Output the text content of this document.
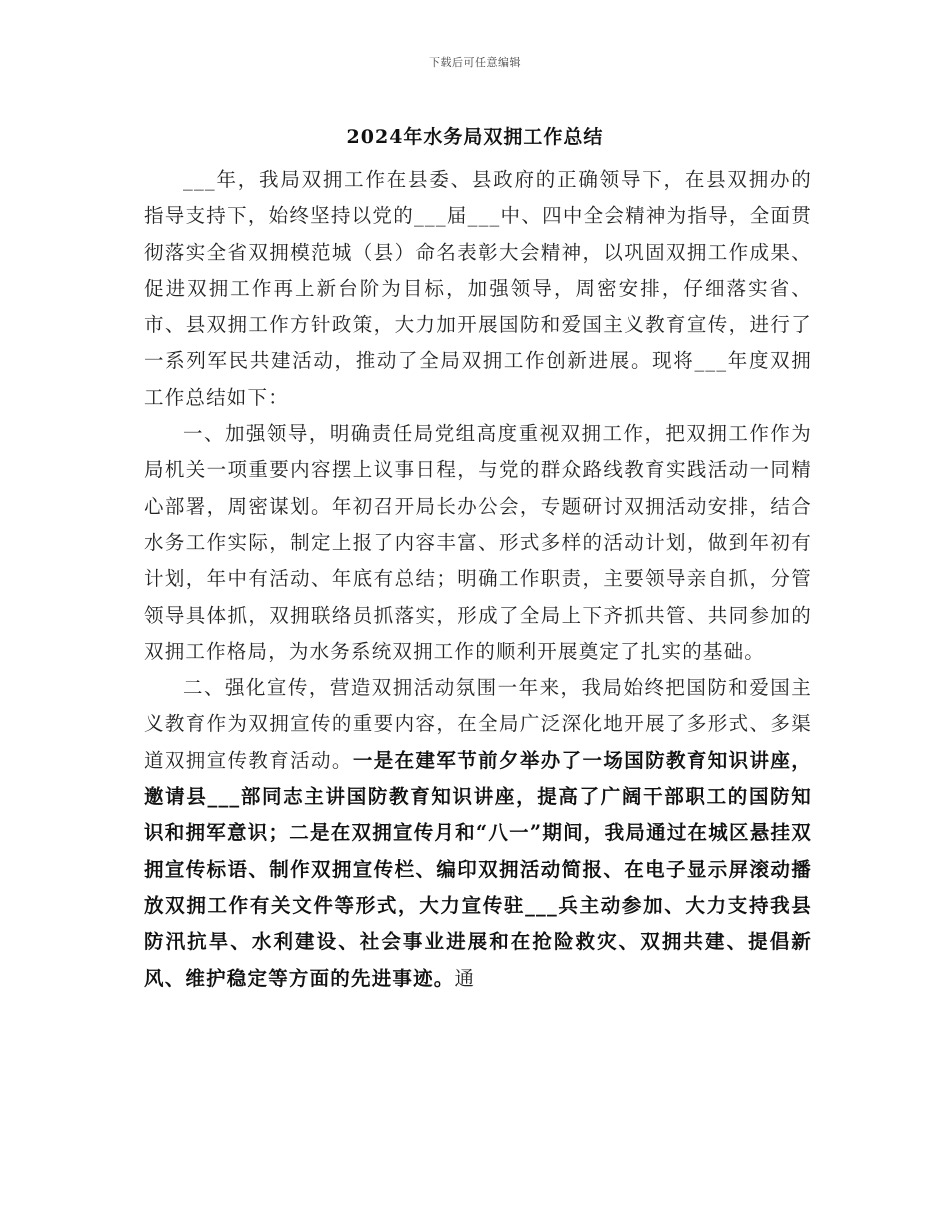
下载后可任意编辑
2024年水务局双拥工作总结

___年，我局双拥工作在县委、县政府的正确领导下，在县双拥办的指导支持下，始终坚持以党的___届___中、四中全会精神为指导，全面贯彻落实全省双拥模范城（县）命名表彰大会精神，以巩固双拥工作成果、促进双拥工作再上新台阶为目标，加强领导，周密安排，仔细落实省、市、县双拥工作方针政策，大力加开展国防和爱国主义教育宣传，进行了一系列军民共建活动，推动了全局双拥工作创新进展。现将___年度双拥工作总结如下：

一、加强领导，明确责任局党组高度重视双拥工作，把双拥工作作为局机关一项重要内容摆上议事日程，与党的群众路线教育实践活动一同精心部署，周密谋划。年初召开局长办公会，专题研讨双拥活动安排，结合水务工作实际，制定上报了内容丰富、形式多样的活动计划，做到年初有计划，年中有活动、年底有总结；明确工作职责，主要领导亲自抓，分管领导具体抓，双拥联络员抓落实，形成了全局上下齐抓共管、共同参加的双拥工作格局，为水务系统双拥工作的顺利开展奠定了扎实的基础。

二、强化宣传，营造双拥活动氛围一年来，我局始终把国防和爱国主义教育作为双拥宣传的重要内容，在全局广泛深化地开展了多形式、多渠道双拥宣传教育活动。一是在建军节前夕举办了一场国防教育知识讲座，邀请县___部同志主讲国防教育知识讲座，提高了广阔干部职工的国防知识和拥军意识；二是在双拥宣传月和“八一”期间，我局通过在城区悬挂双拥宣传标语、制作双拥宣传栏、编印双拥活动简报、在电子显示屏滚动播放双拥工作有关文件等形式，大力宣传驻___兵主动参加、大力支持我县防汛抗旱、水利建设、社会事业进展和在抢险救灾、双拥共建、提倡新风、维护稳定等方面的先进事迹。通
